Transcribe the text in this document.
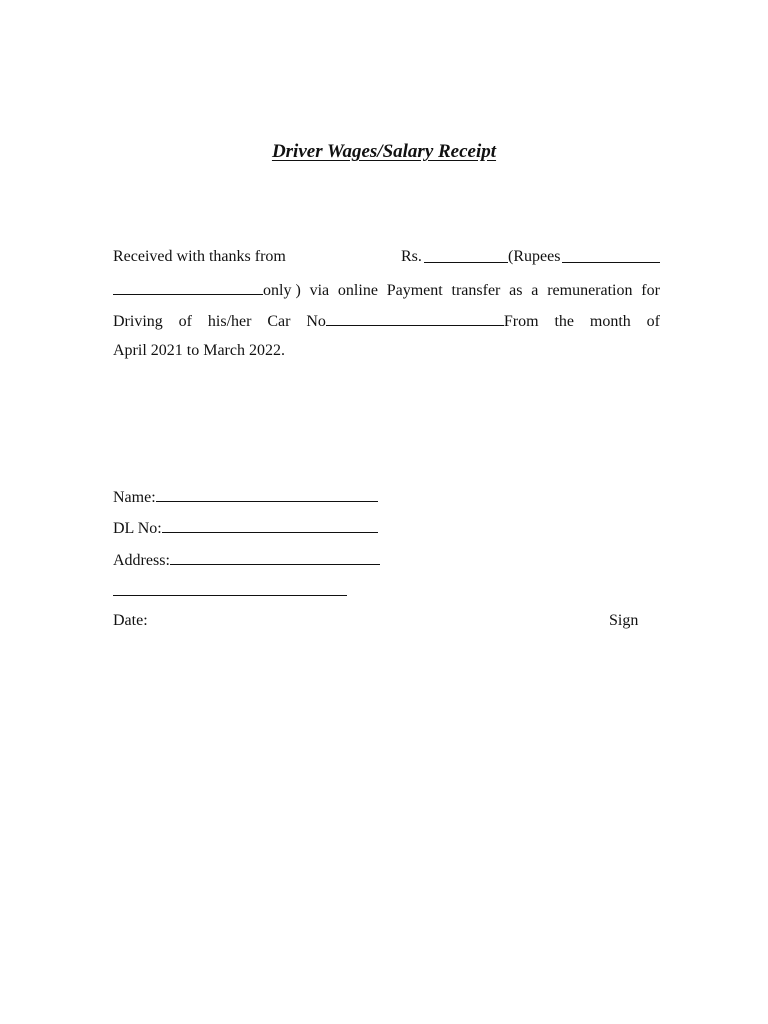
Driver Wages/Salary Receipt
Received with thanks from	Rs.	(Rupees
only ) via online Payment transfer as a remuneration for
Driving of his/her Car No	From the month of
April 2021 to March 2022.
Name:
DL No:
Address:
Date:	Sign
